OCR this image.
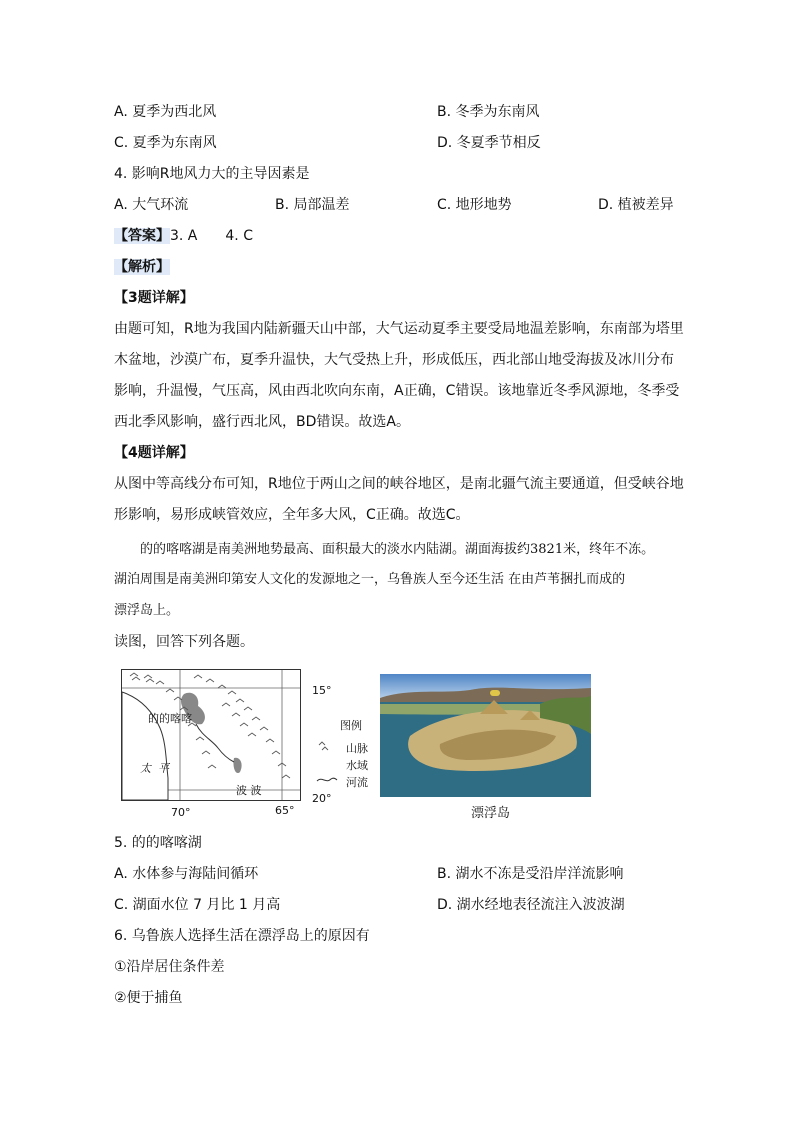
A. 夏季为西北风	B. 冬季为东南风
C. 夏季为东南风	D. 冬夏季节相反
4. 影响R地风力大的主导因素是
A. 大气环流	B. 局部温差	C. 地形地势	D. 植被差异
【答案】3. A　　4. C
【解析】
【3题详解】
由题可知，R地为我国内陆新疆天山中部，大气运动夏季主要受局地温差影响，东南部为塔里
木盆地，沙漠广布，夏季升温快，大气受热上升，形成低压，西北部山地受海拔及冰川分布
影响，升温慢，气压高，风由西北吹向东南，A正确，C错误。该地靠近冬季风源地，冬季受
西北季风影响，盛行西北风，BD错误。故选A。
【4题详解】
从图中等高线分布可知，R地位于两山之间的峡谷地区，是南北疆气流主要通道，但受峡谷地
形影响，易形成峡管效应，全年多大风，C正确。故选C。
　　的的喀喀湖是南美洲地势最高、面积最大的淡水内陆湖。湖面海拔约3821米，终年不冻。
湖泊周围是南美洲印第安人文化的发源地之一，乌鲁族人至今还生活 在由芦苇捆扎而成的
漂浮岛上。
读图，回答下列各题。
的的喀喀
太 平
波 波
15°
20°
70°	65°
图例
山脉
水域
河流
漂浮岛
5. 的的喀喀湖
A. 水体参与海陆间循环	B. 湖水不冻是受沿岸洋流影响
C. 湖面水位 7 月比 1 月高	D. 湖水经地表径流注入波波湖
6. 乌鲁族人选择生活在漂浮岛上的原因有
①沿岸居住条件差
②便于捕鱼
